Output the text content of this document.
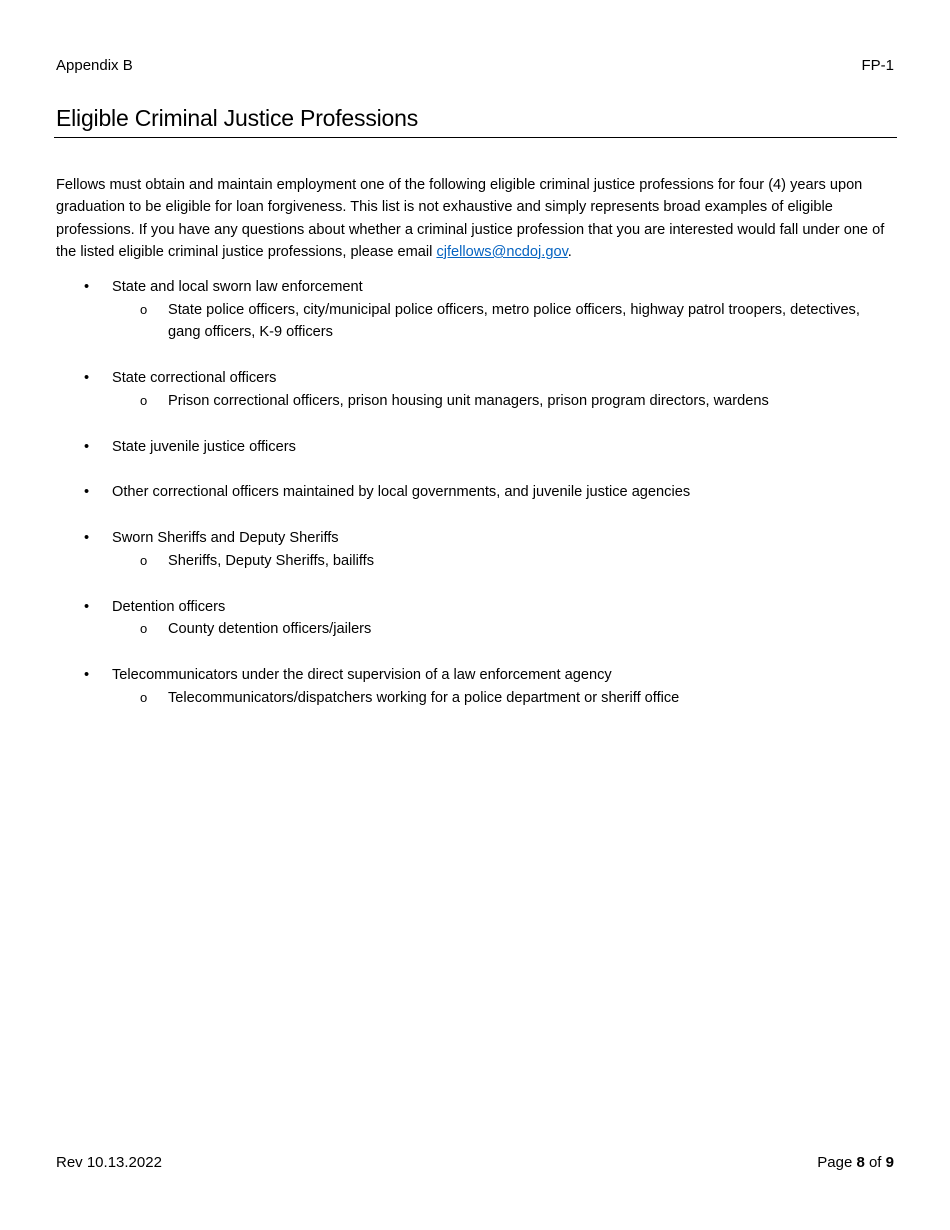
Appendix B	FP-1
Eligible Criminal Justice Professions

Fellows must obtain and maintain employment one of the following eligible criminal justice professions for four (4) years upon graduation to be eligible for loan forgiveness. This list is not exhaustive and simply represents broad examples of eligible professions. If you have any questions about whether a criminal justice profession that you are interested would fall under one of the listed eligible criminal justice professions, please email cjfellows@ncdoj.gov.

• State and local sworn law enforcement
o State police officers, city/municipal police officers, metro police officers, highway patrol troopers, detectives, gang officers, K-9 officers
• State correctional officers
o Prison correctional officers, prison housing unit managers, prison program directors, wardens
• State juvenile justice officers
• Other correctional officers maintained by local governments, and juvenile justice agencies
• Sworn Sheriffs and Deputy Sheriffs
o Sheriffs, Deputy Sheriffs, bailiffs
• Detention officers
o County detention officers/jailers
• Telecommunicators under the direct supervision of a law enforcement agency
o Telecommunicators/dispatchers working for a police department or sheriff office
Rev 10.13.2022	Page 8 of 9
